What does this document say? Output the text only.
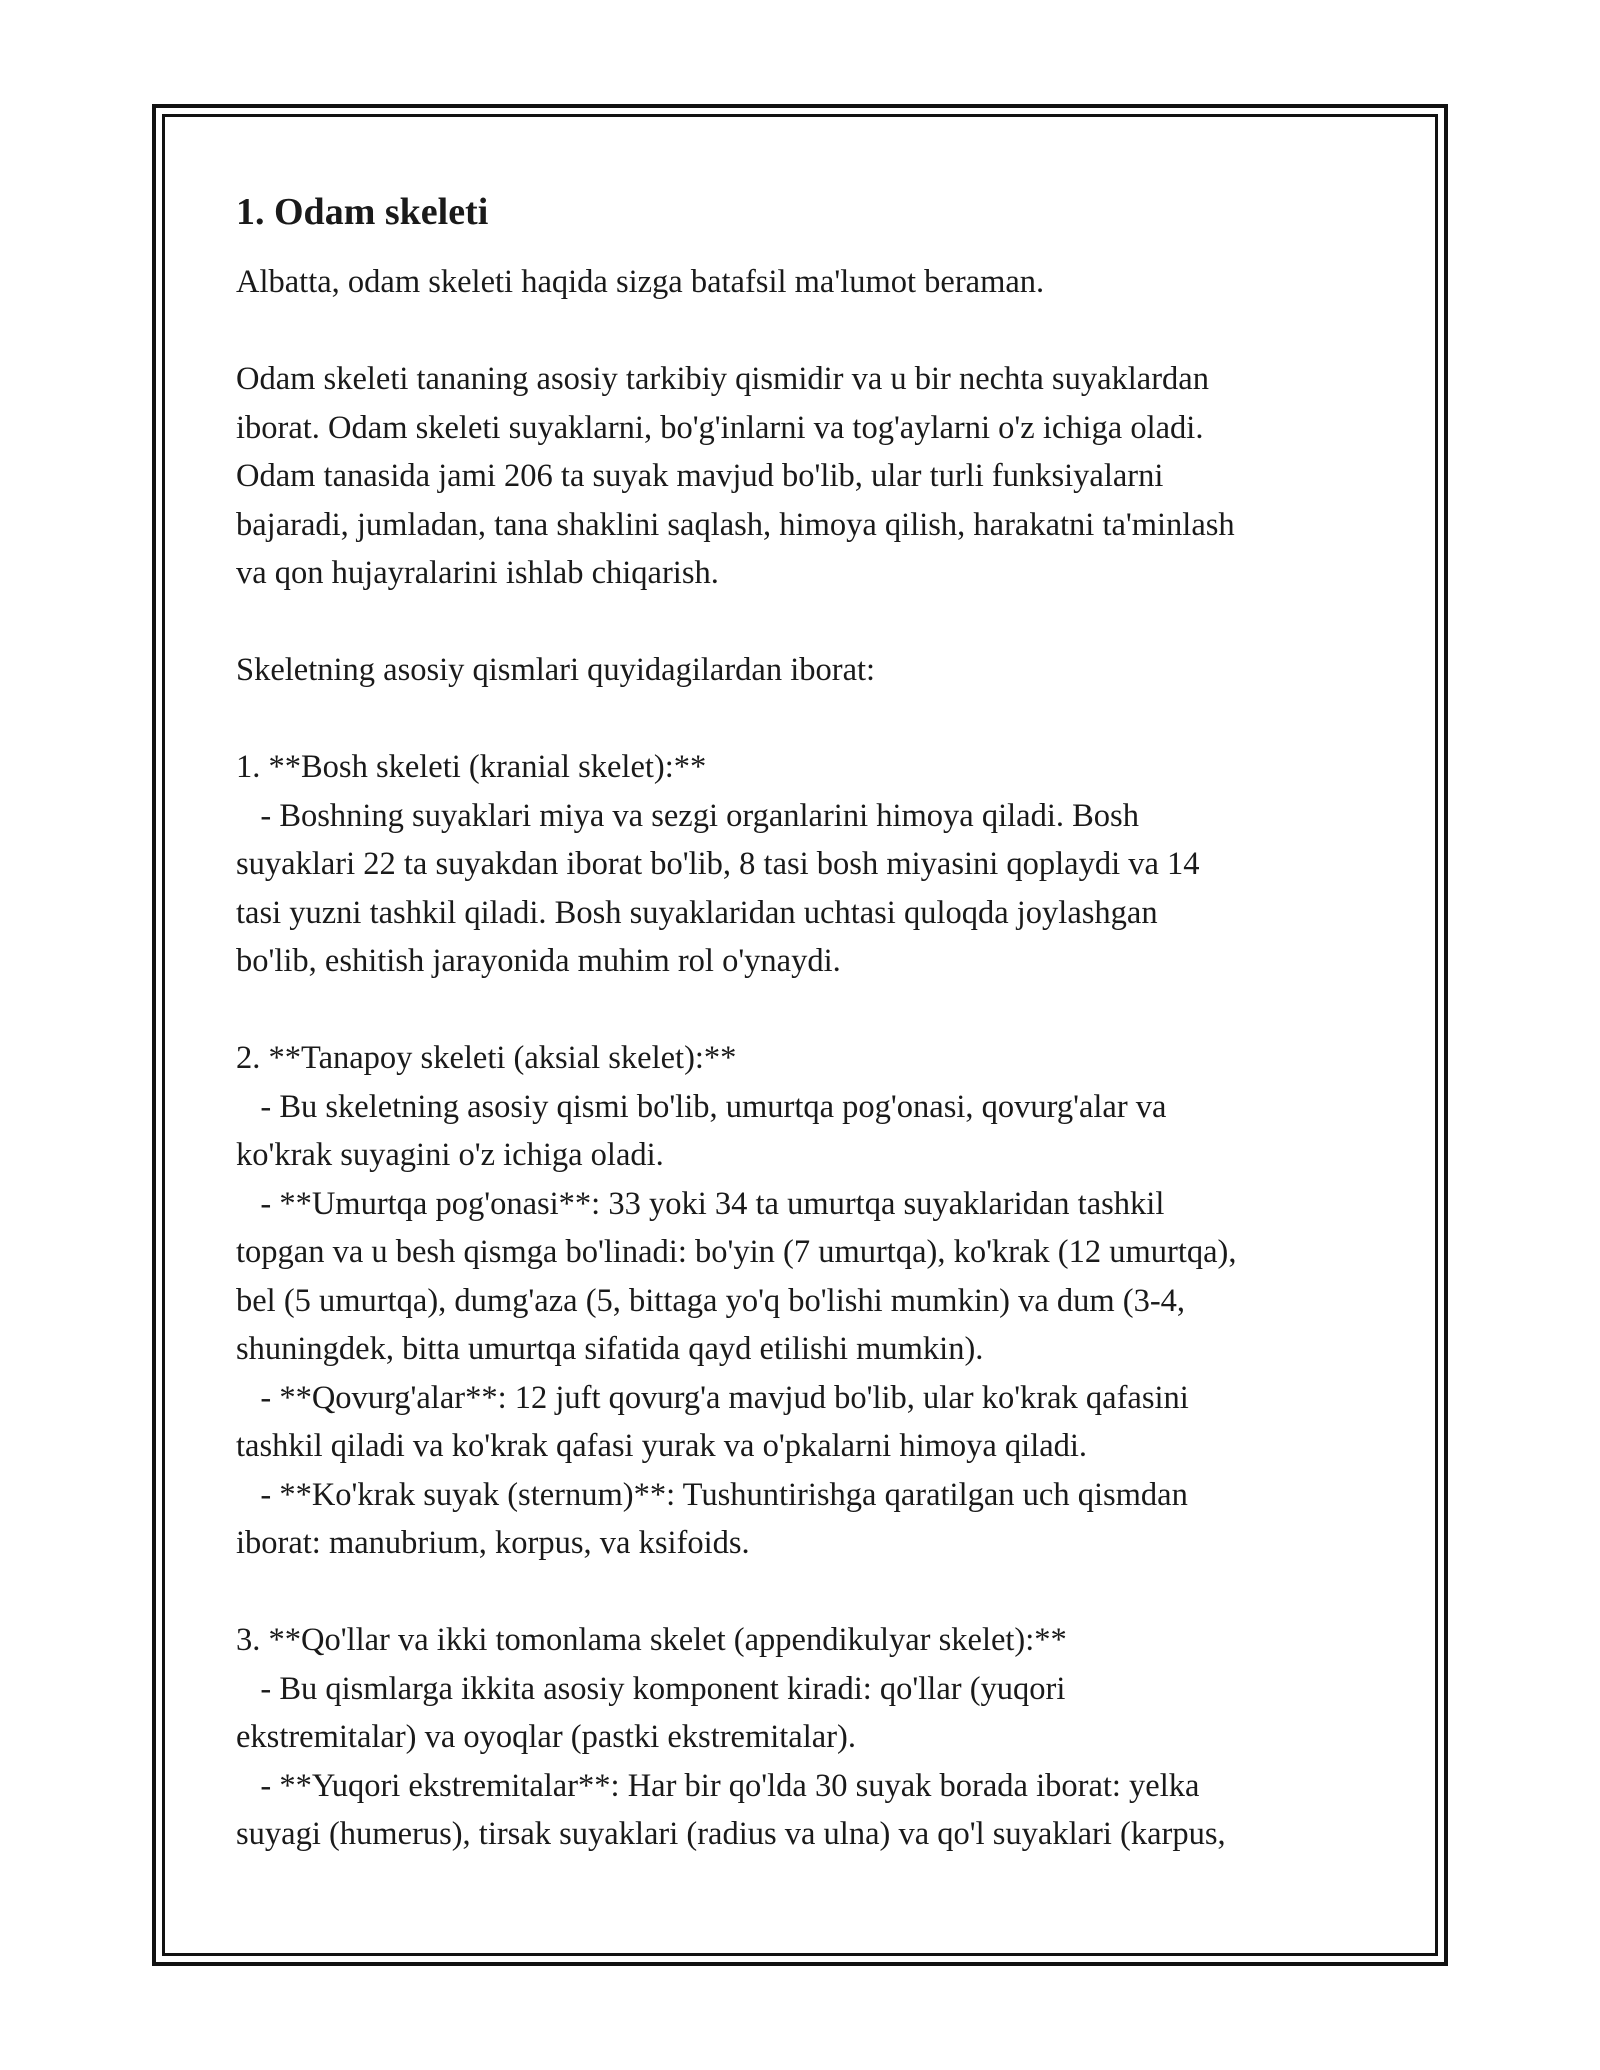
1. Odam skeleti
Albatta, odam skeleti haqida sizga batafsil ma'lumot beraman.
Odam skeleti tananing asosiy tarkibiy qismidir va u bir nechta suyaklardan
iborat. Odam skeleti suyaklarni, bo'g'inlarni va tog'aylarni o'z ichiga oladi.
Odam tanasida jami 206 ta suyak mavjud bo'lib, ular turli funksiyalarni
bajaradi, jumladan, tana shaklini saqlash, himoya qilish, harakatni ta'minlash
va qon hujayralarini ishlab chiqarish.
Skeletning asosiy qismlari quyidagilardan iborat:
1. **Bosh skeleti (kranial skelet):**
- Boshning suyaklari miya va sezgi organlarini himoya qiladi. Bosh
suyaklari 22 ta suyakdan iborat bo'lib, 8 tasi bosh miyasini qoplaydi va 14
tasi yuzni tashkil qiladi. Bosh suyaklaridan uchtasi quloqda joylashgan
bo'lib, eshitish jarayonida muhim rol o'ynaydi.
2. **Tanapoy skeleti (aksial skelet):**
- Bu skeletning asosiy qismi bo'lib, umurtqa pog'onasi, qovurg'alar va
ko'krak suyagini o'z ichiga oladi.
- **Umurtqa pog'onasi**: 33 yoki 34 ta umurtqa suyaklaridan tashkil
topgan va u besh qismga bo'linadi: bo'yin (7 umurtqa), ko'krak (12 umurtqa),
bel (5 umurtqa), dumg'aza (5, bittaga yo'q bo'lishi mumkin) va dum (3-4,
shuningdek, bitta umurtqa sifatida qayd etilishi mumkin).
- **Qovurg'alar**: 12 juft qovurg'a mavjud bo'lib, ular ko'krak qafasini
tashkil qiladi va ko'krak qafasi yurak va o'pkalarni himoya qiladi.
- **Ko'krak suyak (sternum)**: Tushuntirishga qaratilgan uch qismdan
iborat: manubrium, korpus, va ksifoids.
3. **Qo'llar va ikki tomonlama skelet (appendikulyar skelet):**
- Bu qismlarga ikkita asosiy komponent kiradi: qo'llar (yuqori
ekstremitalar) va oyoqlar (pastki ekstremitalar).
- **Yuqori ekstremitalar**: Har bir qo'lda 30 suyak borada iborat: yelka
suyagi (humerus), tirsak suyaklari (radius va ulna) va qo'l suyaklari (karpus,
